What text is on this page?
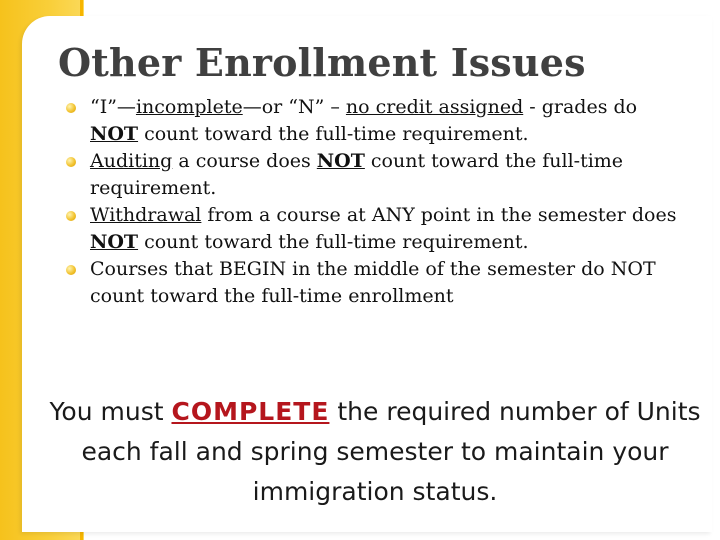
Other Enrollment Issues
“I”—incomplete—or “N” – no credit assigned - grades do NOT count toward the full-time requirement.
Auditing a course does NOT count toward the full-time requirement.
Withdrawal from a course at ANY point in the semester does NOT count toward the full-time requirement.
Courses that BEGIN in the middle of the semester do NOT count toward the full-time enrollment
You must COMPLETE the required number of Units each fall and spring semester to maintain your immigration status.
